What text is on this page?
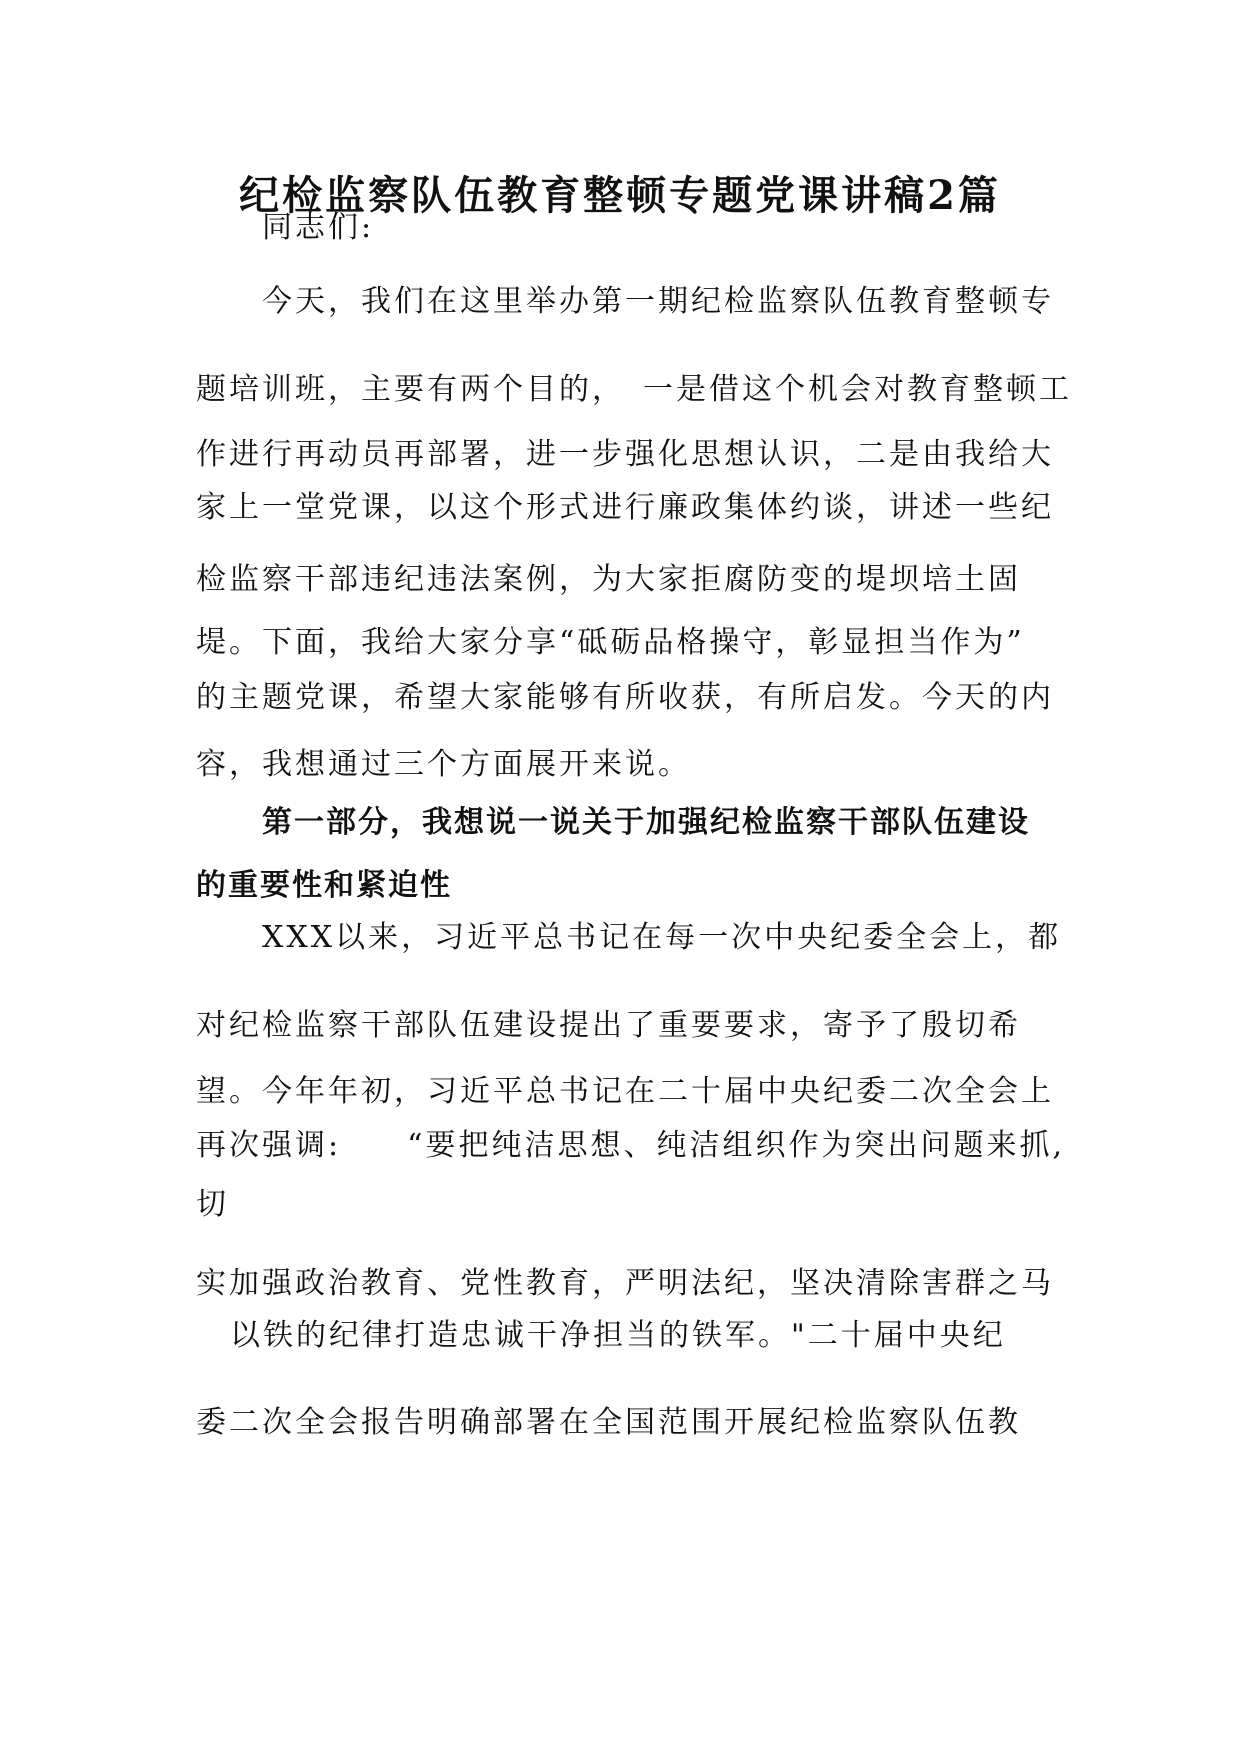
纪检监察队伍教育整顿专题党课讲稿2篇
同志们:
今天，我们在这里举办第一期纪检监察队伍教育整顿专
题培训班，主要有两个目的，　一是借这个机会对教育整顿工
作进行再动员再部署，进一步强化思想认识，二是由我给大
家上一堂党课，以这个形式进行廉政集体约谈，讲述一些纪
检监察干部违纪违法案例，为大家拒腐防变的堤坝培土固
堤。下面，我给大家分享“砥砺品格操守，彰显担当作为”
的主题党课，希望大家能够有所收获，有所启发。今天的内
容，我想通过三个方面展开来说。
第一部分，我想说一说关于加强纪检监察干部队伍建设
的重要性和紧迫性
XXX以来，习近平总书记在每一次中央纪委全会上，都
对纪检监察干部队伍建设提出了重要要求，寄予了殷切希
望。今年年初，习近平总书记在二十届中央纪委二次全会上
再次强调:　　“要把纯洁思想、纯洁组织作为突出问题来抓,
切
实加强政治教育、党性教育，严明法纪，坚决清除害群之马
以铁的纪律打造忠诚干净担当的铁军。"二十届中央纪
委二次全会报告明确部署在全国范围开展纪检监察队伍教
